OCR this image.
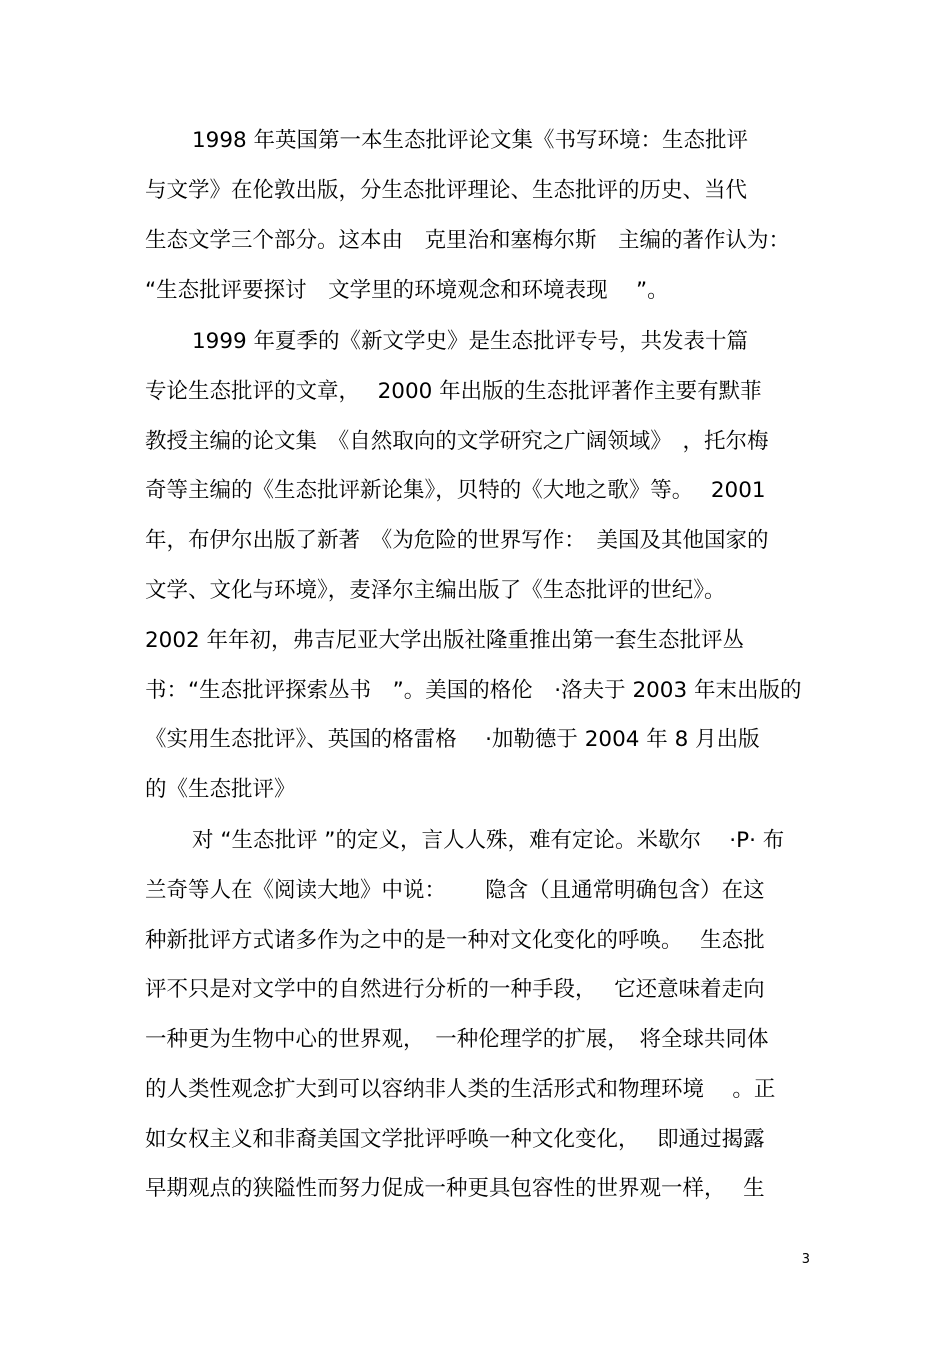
1998 年英国第一本生态批评论文集《书写环境：生态批评
与文学》在伦敦出版，分生态批评理论、生态批评的历史、当代
生态文学三个部分。这本由　克里治和塞梅尔斯　主编的著作认为：
“生态批评要探讨　文学里的环境观念和环境表现　 ”。
1999 年夏季的《新文学史》是生态批评专号，共发表十篇
专论生态批评的文章，　 2000 年出版的生态批评著作主要有默菲
教授主编的论文集　《自然取向的文学研究之广阔领域》　，托尔梅
奇等主编的《生态批评新论集》，贝特的《大地之歌》等。　 2001
年，布伊尔出版了新著　《为危险的世界写作：　美国及其他国家的
文学、文化与环境》，麦泽尔主编出版了《生态批评的世纪》。
2002 年年初，弗吉尼亚大学出版社隆重推出第一套生态批评丛
书：“生态批评探索丛书　”。美国的格伦　·洛夫于 2003 年末出版的
《实用生态批评》、英国的格雷格　 ·加勒德于 2004 年 8 月出版
的《生态批评》
对 “生态批评 ”的定义，言人人殊，难有定论。米歇尔　 ·P· 布
兰奇等人在《阅读大地》中说：　　 隐含（且通常明确包含）在这
种新批评方式诸多作为之中的是一种对文化变化的呼唤。　 生态批
评不只是对文学中的自然进行分析的一种手段，　 它还意味着走向
一种更为生物中心的世界观，　一种伦理学的扩展，　将全球共同体
的人类性观念扩大到可以容纳非人类的生活形式和物理环境　 。正
如女权主义和非裔美国文学批评呼唤一种文化变化，　 即通过揭露
早期观点的狭隘性而努力促成一种更具包容性的世界观一样，　 生
3
